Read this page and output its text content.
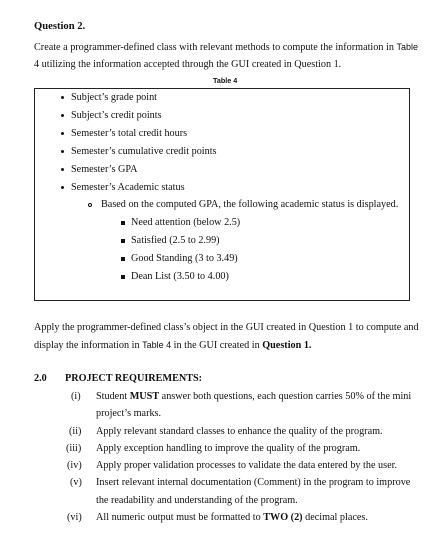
Question 2.
Create a programmer-defined class with relevant methods to compute the information in Table
4 utilizing the information accepted through the GUI created in Question 1.
Table 4
Subject’s grade point
Subject’s credit points
Semester’s total credit hours
Semester’s cumulative credit points
Semester’s GPA
Semester’s Academic status
Based on the computed GPA, the following academic status is displayed.
Need attention (below 2.5)
Satisfied (2.5 to 2.99)
Good Standing (3 to 3.49)
Dean List (3.50 to 4.00)
Apply the programmer-defined class’s object in the GUI created in Question 1 to compute and
display the information in Table 4 in the GUI created in Question 1.
2.0 PROJECT REQUIREMENTS:
(i) Student MUST answer both questions, each question carries 50% of the mini
project’s marks.
(ii) Apply relevant standard classes to enhance the quality of the program.
(iii) Apply exception handling to improve the quality of the program.
(iv) Apply proper validation processes to validate the data entered by the user.
(v) Insert relevant internal documentation (Comment) in the program to improve
the readability and understanding of the program.
(vi) All numeric output must be formatted to TWO (2) decimal places.
